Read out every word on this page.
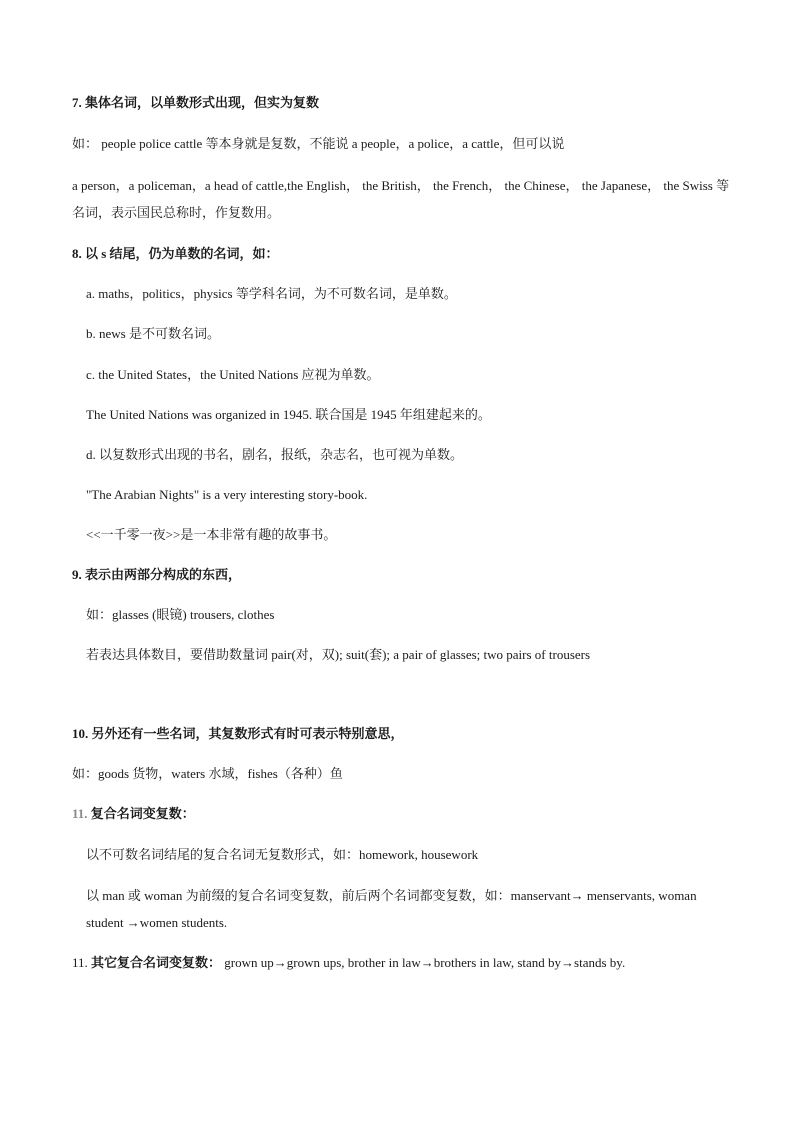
7. 集体名词，以单数形式出现，但实为复数
如： people police cattle 等本身就是复数，不能说 a people，a police，a cattle，但可以说
a person，a policeman，a head of cattle,the English， the British， the French， the Chinese， the Japanese， the Swiss 等名词，表示国民总称时，作复数用。
8. 以 s 结尾，仍为单数的名词，如：
a. maths，politics，physics 等学科名词，为不可数名词，是单数。
b. news 是不可数名词。
c. the United States，the United Nations 应视为单数。
The United Nations was organized in 1945. 联合国是 1945 年组建起来的。
d. 以复数形式出现的书名，剧名，报纸，杂志名，也可视为单数。
"The Arabian Nights" is a very interesting story-book.
<<一千零一夜>>是一本非常有趣的故事书。
9. 表示由两部分构成的东西，
如：glasses (眼镜) trousers, clothes
若表达具体数目，要借助数量词 pair(对，双); suit(套); a pair of glasses; two pairs of trousers
10. 另外还有一些名词，其复数形式有时可表示特别意思，
如：goods 货物，waters 水域，fishes（各种）鱼
11. 复合名词变复数：
以不可数名词结尾的复合名词无复数形式，如：homework, housework
以 man 或 woman 为前缀的复合名词变复数，前后两个名词都变复数，如：manservant→ menservants, woman student →women students.
11. 其它复合名词变复数： grown up→grown ups, brother in law→brothers in law, stand by→stands by.
